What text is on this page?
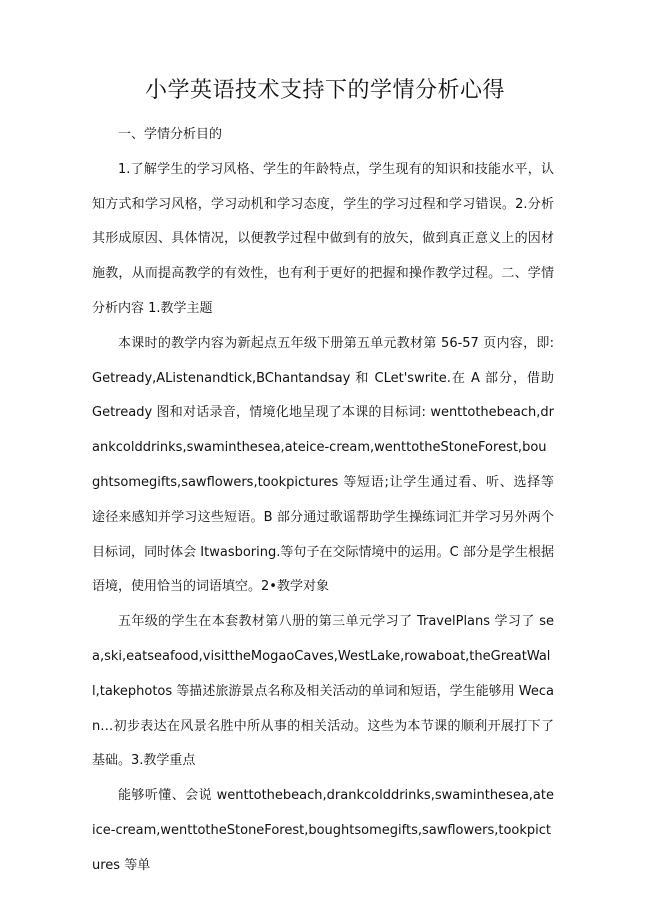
小学英语技术支持下的学情分析心得

一、学情分析目的

1.了解学生的学习风格、学生的年龄特点，学生现有的知识和技能水平，认知方式和学习风格，学习动机和学习态度，学生的学习过程和学习错误。2.分析其形成原因、具体情况，以便教学过程中做到有的放矢，做到真正意义上的因材施教，从而提高教学的有效性，也有利于更好的把握和操作教学过程。二、学情分析内容 1.教学主题

本课时的教学内容为新起点五年级下册第五单元教材第 56-57 页内容，即: Getready,AListenandtick,BChantandsay 和 CLet'swrite.在 A 部分，借助 Getready 图和对话录音，情境化地呈现了本课的目标词: wenttothebeach,drankcolddrinks,swaminthesea,ateice-cream,wenttotheStoneForest,boughtsomegifts,sawflowers,tookpictures 等短语;让学生通过看、听、选择等途径来感知并学习这些短语。B 部分通过歌谣帮助学生操练词汇并学习另外两个目标词，同时体会 Itwasboring.等句子在交际情境中的运用。C 部分是学生根据语境，使用恰当的词语填空。2•教学对象

五年级的学生在本套教材第八册的第三单元学习了 TravelPlans 学习了 sea,ski,eatseafood,visittheMogaoCaves,WestLake,rowaboat,theGreatWall,takephotos 等描述旅游景点名称及相关活动的单词和短语，学生能够用 Wecan…初步表达在风景名胜中所从事的相关活动。这些为本节课的顺利开展打下了基础。3.教学重点

能够听懂、会说 wenttothebeach,drankcolddrinks,swaminthesea,ateice-cream,wenttotheStoneForest,boughtsomegifts,sawflowers,tookpictures 等单
